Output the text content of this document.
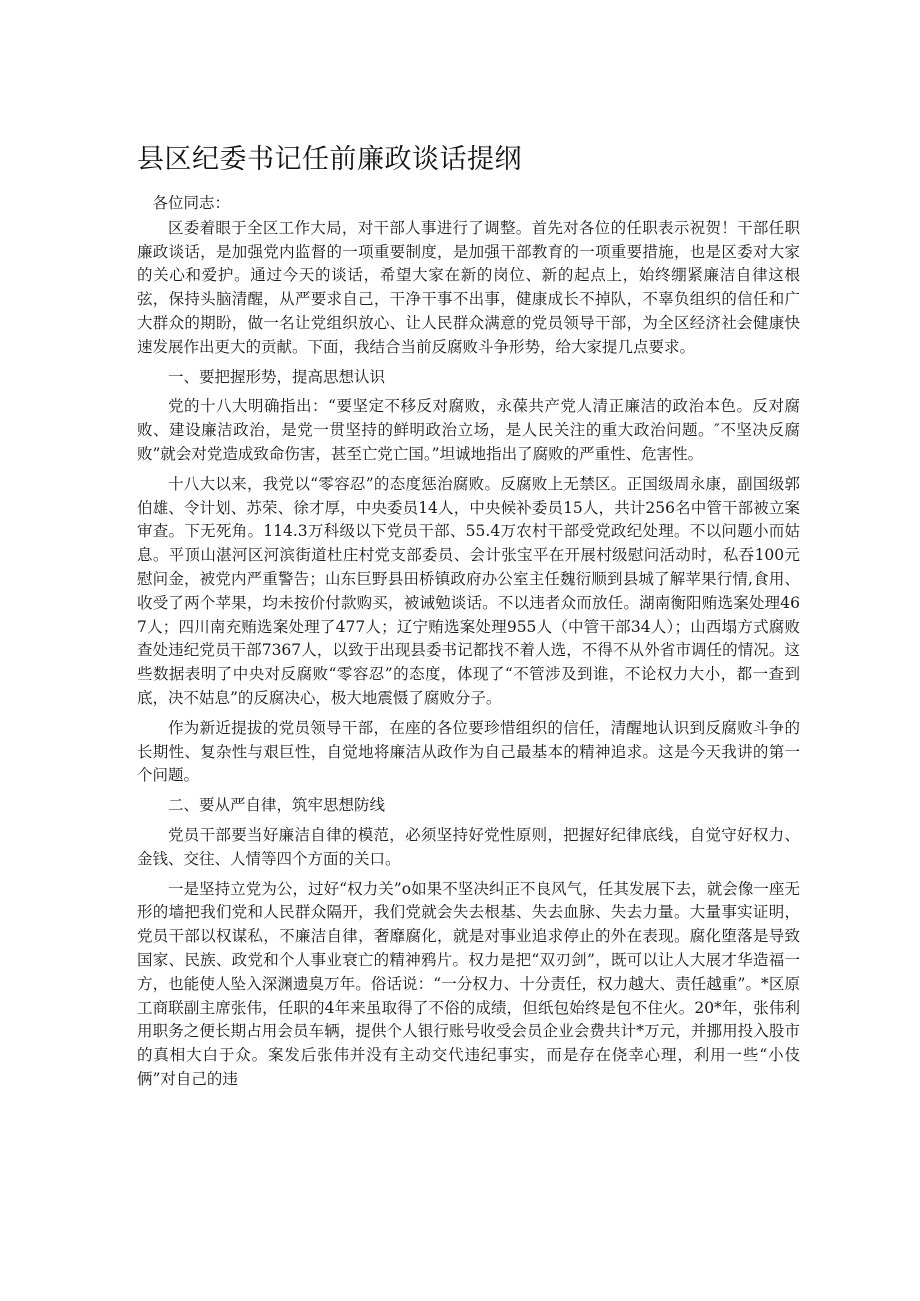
县区纪委书记任前廉政谈话提纲

各位同志：

区委着眼于全区工作大局，对干部人事进行了调整。首先对各位的任职表示祝贺！干部任职廉政谈话，是加强党内监督的一项重要制度，是加强干部教育的一项重要措施，也是区委对大家的关心和爱护。通过今天的谈话，希望大家在新的岗位、新的起点上，始终绷紧廉洁自律这根弦，保持头脑清醒，从严要求自己，干净干事不出事，健康成长不掉队，不辜负组织的信任和广大群众的期盼，做一名让党组织放心、让人民群众满意的党员领导干部，为全区经济社会健康快速发展作出更大的贡献。下面，我结合当前反腐败斗争形势，给大家提几点要求。

一、要把握形势，提高思想认识

党的十八大明确指出：“要坚定不移反对腐败，永葆共产党人清正廉洁的政治本色。反对腐败、建设廉洁政治，是党一贯坚持的鲜明政治立场，是人民关注的重大政治问题。″不坚决反腐败”就会对党造成致命伤害，甚至亡党亡国。”坦诚地指出了腐败的严重性、危害性。

十八大以来，我党以“零容忍”的态度惩治腐败。反腐败上无禁区。正国级周永康，副国级郭伯雄、令计划、苏荣、徐才厚，中央委员14人，中央候补委员15人，共计256名中管干部被立案审查。下无死角。114.3万科级以下党员干部、55.4万农村干部受党政纪处理。不以问题小而姑息。平顶山湛河区河滨街道杜庄村党支部委员、会计张宝平在开展村级慰问活动时，私吞100元慰问金，被党内严重警告；山东巨野县田桥镇政府办公室主任魏衍顺到县城了解苹果行情,食用、收受了两个苹果，均未按价付款购买，被诫勉谈话。不以违者众而放任。湖南衡阳贿选案处理467人；四川南充贿选案处理了477人；辽宁贿选案处理955人（中管干部34人）；山西塌方式腐败查处违纪党员干部7367人，以致于出现县委书记都找不着人选，不得不从外省市调任的情况。这些数据表明了中央对反腐败“零容忍”的态度，体现了“不管涉及到谁，不论权力大小，都一查到底，决不姑息”的反腐决心，极大地震慑了腐败分子。

作为新近提拔的党员领导干部，在座的各位要珍惜组织的信任，清醒地认识到反腐败斗争的长期性、复杂性与艰巨性，自觉地将廉洁从政作为自己最基本的精神追求。这是今天我讲的第一个问题。

二、要从严自律，筑牢思想防线

党员干部要当好廉洁自律的模范，必须坚持好党性原则，把握好纪律底线，自觉守好权力、金钱、交往、人情等四个方面的关口。

一是坚持立党为公，过好“权力关”o如果不坚决纠正不良风气，任其发展下去，就会像一座无形的墙把我们党和人民群众隔开，我们党就会失去根基、失去血脉、失去力量。大量事实证明，党员干部以权谋私，不廉洁自律，奢靡腐化，就是对事业追求停止的外在表现。腐化堕落是导致国家、民族、政党和个人事业衰亡的精神鸦片。权力是把“双刃剑”，既可以让人大展才华造福一方，也能使人坠入深渊遗臭万年。俗话说：“一分权力、十分责任，权力越大、责任越重”。*区原工商联副主席张伟，任职的4年来虽取得了不俗的成绩，但纸包始终是包不住火。20*年，张伟利用职务之便长期占用会员车辆，提供个人银行账号收受会员企业会费共计*万元，并挪用投入股市的真相大白于众。案发后张伟并没有主动交代违纪事实，而是存在侥幸心理，利用一些“小伎俩”对自己的违
